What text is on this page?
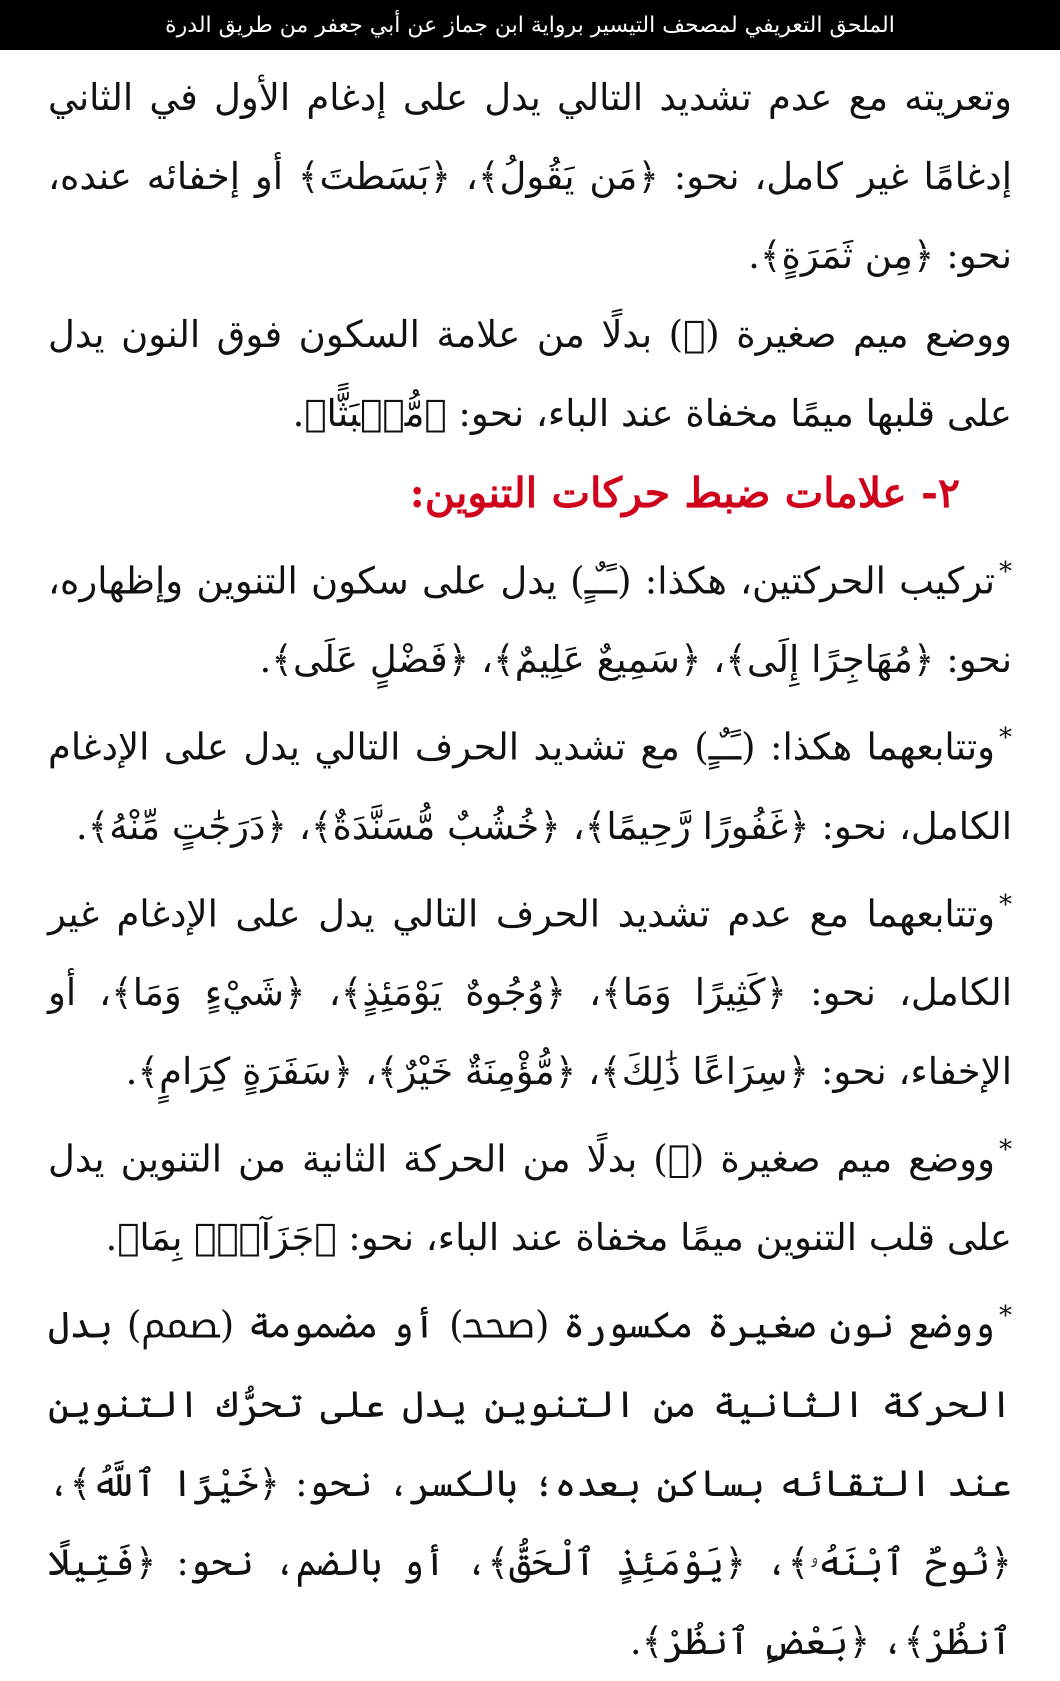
الملحق التعريفي لمصحف التيسير برواية ابن جماز عن أبي جعفر من طريق الدرة

وتعريته مع عدم تشديد التالي يدل على إدغام الأول في الثاني إدغامًا غير كامل، نحو: ﴿مَن يَقُولُ﴾، ﴿بَسَطتَ﴾ أو إخفائه عنده، نحو: ﴿مِن ثَمَرَةٍ﴾.

ووضع ميم صغيرة (ﵤ) بدلًا من علامة السكون فوق النون يدل على قلبها ميمًا مخفاة عند الباء، نحو: ﴿مُّنۢبَثًّا﴾.

٢- علامات ضبط حركات التنوين:

*تركيب الحركتين، هكذا: (ـًـٌـٍ) يدل على سكون التنوين وإظهاره، نحو: ﴿مُهَاجِرًا إِلَى﴾، ﴿سَمِيعٌ عَلِيمٌ﴾، ﴿فَضْلٍ عَلَى﴾.

*وتتابعهما هكذا: (ـًـٌـٍ) مع تشديد الحرف التالي يدل على الإدغام الكامل، نحو: ﴿غَفُورًا رَّحِيمًا﴾، ﴿خُشُبٌ مُّسَنَّدَةٌ﴾، ﴿دَرَجَٰتٍ مِّنْهُ﴾.

*وتتابعهما مع عدم تشديد الحرف التالي يدل على الإدغام غير الكامل، نحو: ﴿كَثِيرًا وَمَا﴾، ﴿وُجُوهٌ يَوْمَئِذٍ﴾، ﴿شَيْءٍ وَمَا﴾، أو الإخفاء، نحو: ﴿سِرَاعًا ذَٰلِكَ﴾، ﴿مُّؤْمِنَةٌ خَيْرٌ﴾، ﴿سَفَرَةٍ كِرَامٍ﴾.

*ووضع ميم صغيرة (ﵤ) بدلًا من الحركة الثانية من التنوين يدل على قلب التنوين ميمًا مخفاة عند الباء، نحو: ﴿جَزَآءًۢ بِمَا﴾.

*ووضع نون صغيرة مكسورة (ﵥ) أو مضمومة (ﵦ) بدل الحركة الثانية من التنوين يدل على تحرُّك التنوين عند التقائه بساكن بعده؛ بالكسر، نحو: ﴿خَيْرًا ٱللَّهُ﴾، ﴿نُوحٌ ٱبْنَهُۥ﴾، ﴿يَوْمَئِذٍ ٱلْحَقُّ﴾، أو بالضم، نحو: ﴿فَتِيلًا ٱنظُرْ﴾، ﴿بَعْضٍ ٱنظُرْ﴾.
